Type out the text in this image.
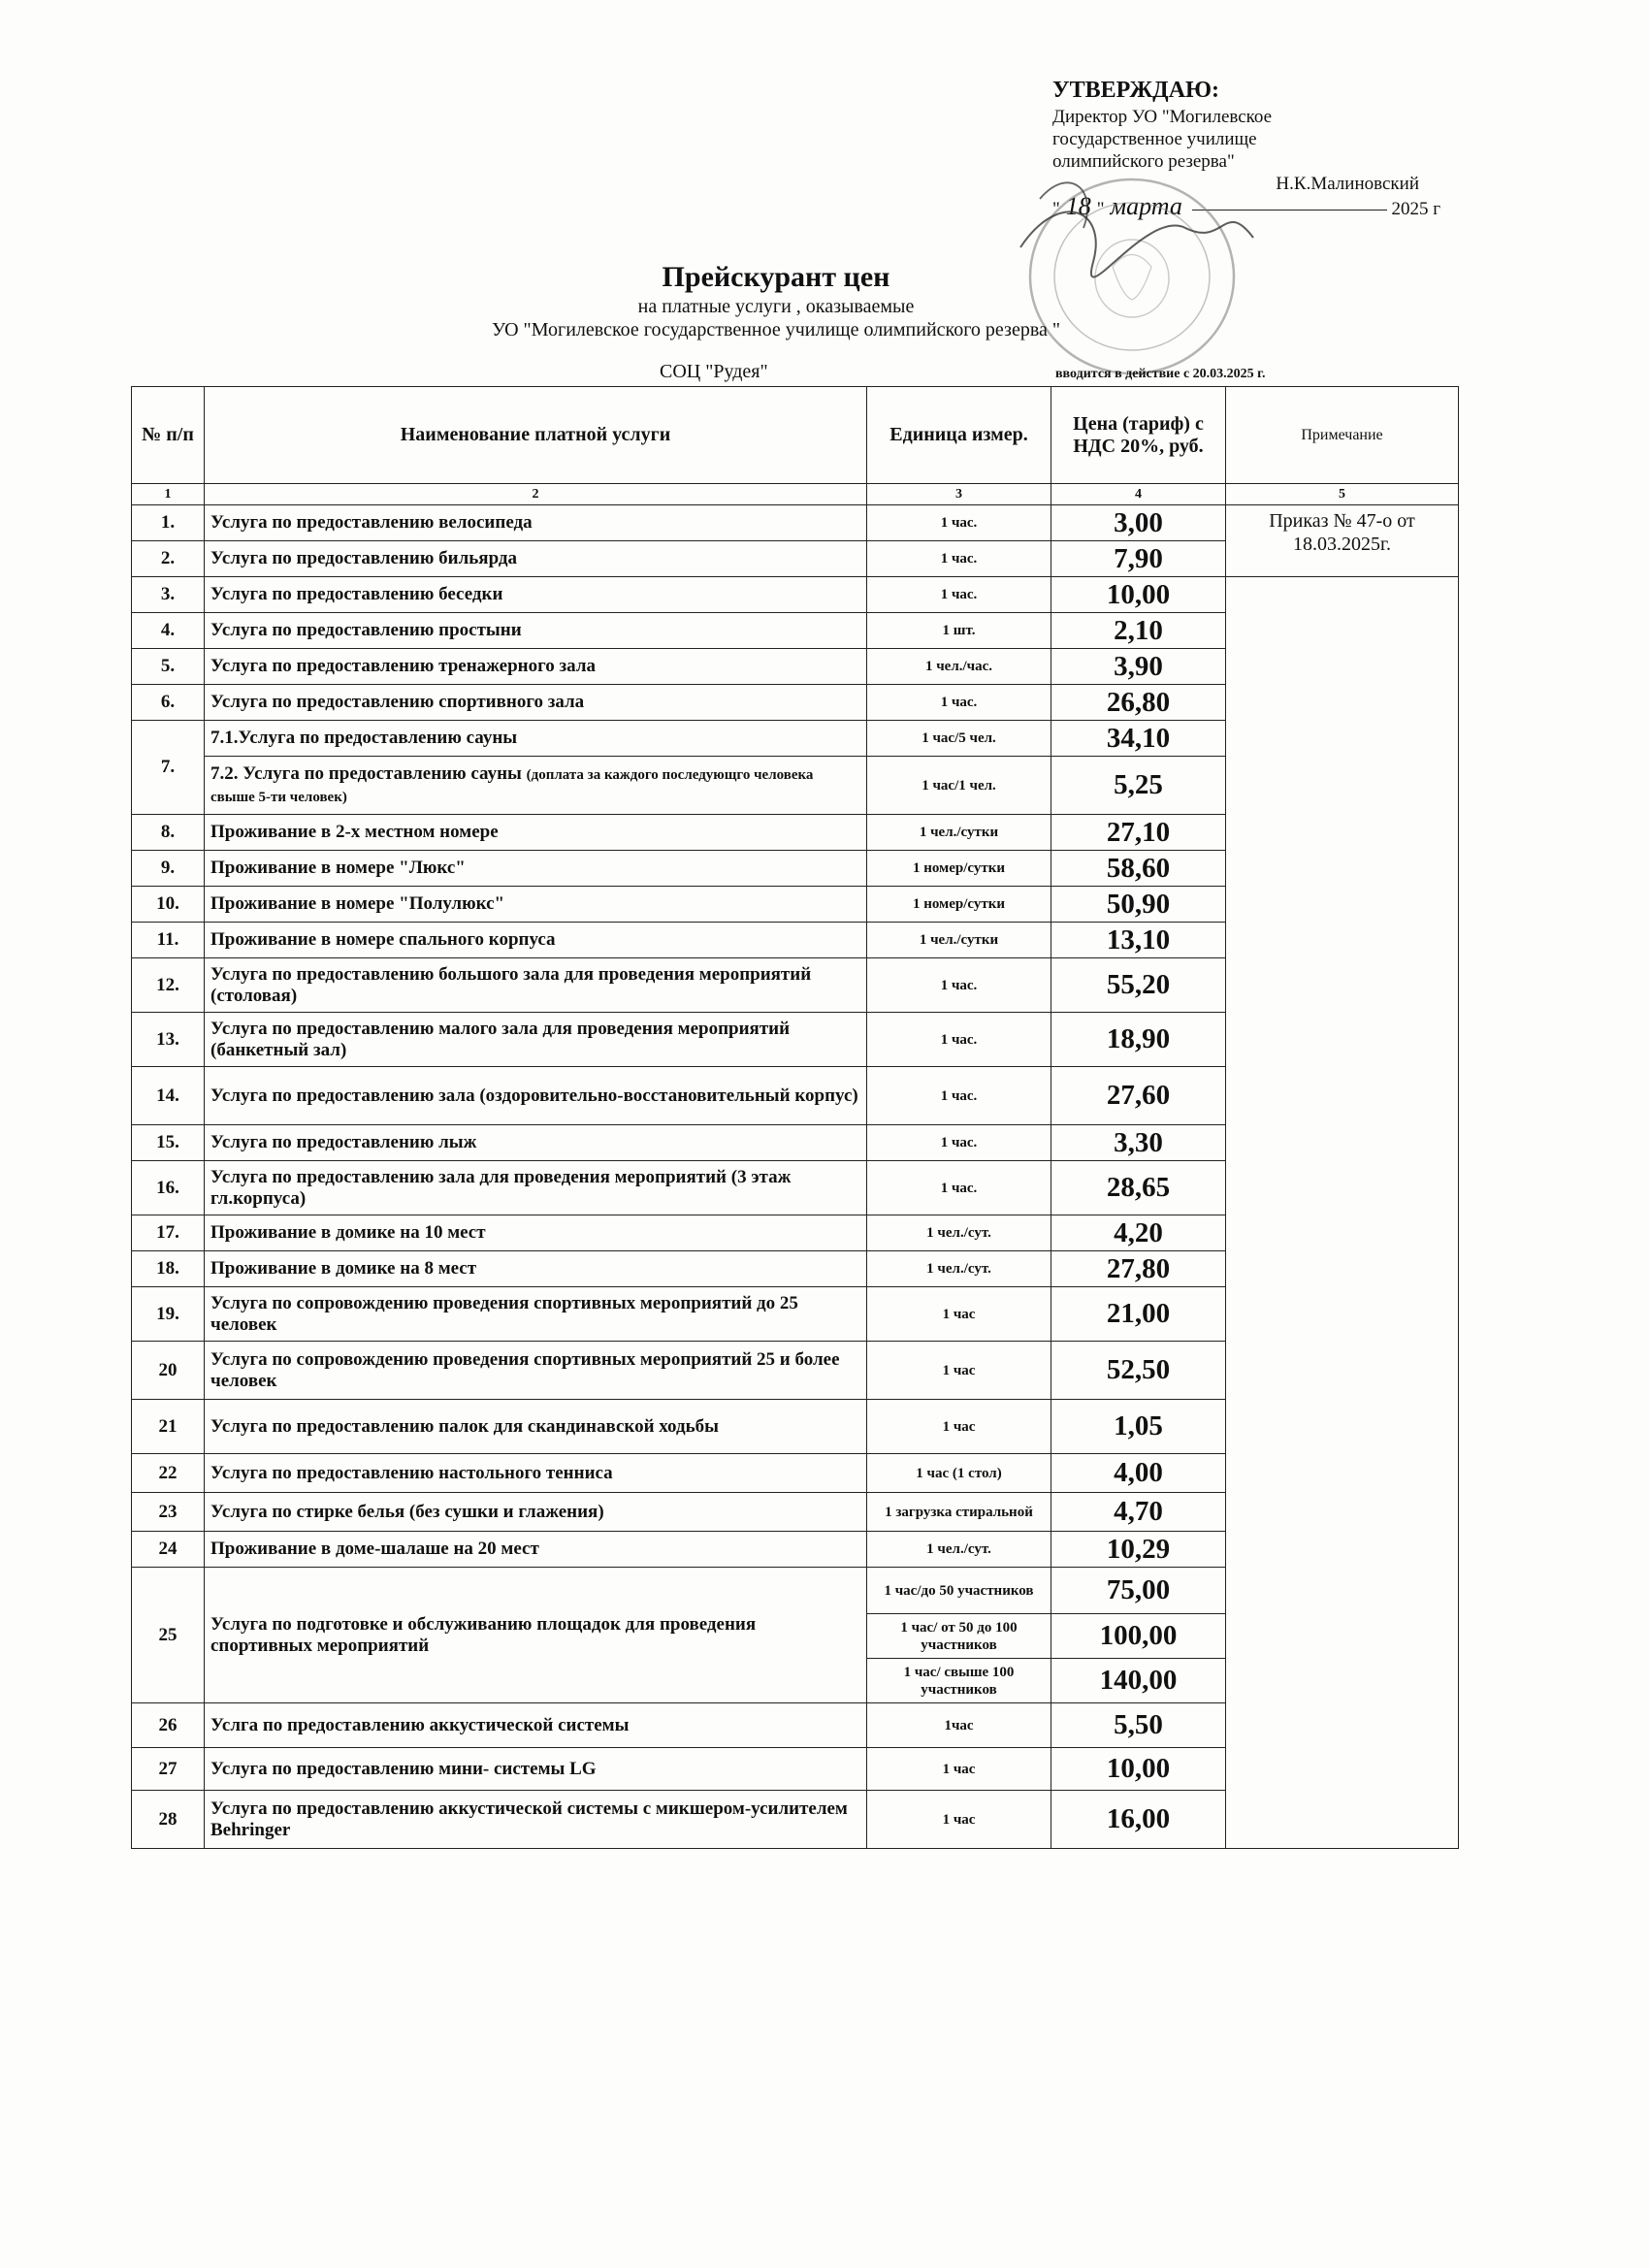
УТВЕРЖДАЮ:
Директор УО "Могилевское
государственное училище
олимпийского резерва"
Н.К.Малиновский
" 18 " марта	2025 г
Прейскурант цен
на платные услуги , оказываемые
УО "Могилевское государственное училище олимпийского резерва "
СОЦ "Рудея"	вводится в действие с 20.03.2025 г.
№ п/п	Наименование платной услуги	Единица измер.	Цена (тариф) с НДС 20%, руб.	Примечание
1	2	3	4	5
1.	Услуга по предоставлению велосипеда	1 час.	3,00	Приказ № 47-о от 18.03.2025г.
2.	Услуга по предоставлению бильярда	1 час.	7,90	
3.	Услуга по предоставлению беседки	1 час.	10,00	
4.	Услуга по предоставлению простыни	1 шт.	2,10	
5.	Услуга по предоставлению тренажерного зала	1 чел./час.	3,90	
6.	Услуга по предоставлению спортивного зала	1 час.	26,80	
7.	7.1.Услуга по предоставлению сауны	1 час/5 чел.	34,10	
	7.2. Услуга по предоставлению сауны (доплата за каждого последующго человека свыше 5-ти человек)	1 час/1 чел.	5,25	
8.	Проживание в 2-х местном номере	1 чел./сутки	27,10	
9.	Проживание в номере "Люкс"	1 номер/сутки	58,60	
10.	Проживание в номере "Полулюкс"	1 номер/сутки	50,90	
11.	Проживание в номере спального корпуса	1 чел./сутки	13,10	
12.	Услуга по предоставлению большого зала для проведения мероприятий (столовая)	1 час.	55,20	
13.	Услуга по предоставлению малого зала для проведения мероприятий (банкетный зал)	1 час.	18,90	
14.	Услуга по предоставлению зала (оздоровительно-восстановительный корпус)	1 час.	27,60	
15.	Услуга по предоставлению лыж	1 час.	3,30	
16.	Услуга по предоставлению зала для проведения мероприятий (3 этаж гл.корпуса)	1 час.	28,65	
17.	Проживание в домике на 10 мест	1 чел./сут.	4,20	
18.	Проживание в домике на 8 мест	1 чел./сут.	27,80	
19.	Услуга по сопровождению проведения спортивных мероприятий до 25 человек	1 час	21,00	
20	Услуга по сопровождению проведения спортивных мероприятий 25 и более человек	1 час	52,50	
21	Услуга по предоставлению палок для скандинавской ходьбы	1 час	1,05	
22	Услуга по предоставлению настольного тенниса	1 час (1 стол)	4,00	
23	Услуга по стирке белья (без сушки и глажения)	1 загрузка стиральной	4,70	
24	Проживание в доме-шалаше на 20 мест	1 чел./сут.	10,29	
25	Услуга по подготовке и обслуживанию площадок для проведения спортивных мероприятий	1 час/до 50 участников	75,00	
		1 час/ от 50 до 100 участников	100,00	
		1 час/ свыше 100 участников	140,00	
26	Услга по предоставлению аккустической системы	1час	5,50	
27	Услуга по предоставлению мини- системы LG	1 час	10,00	
28	Услуга по предоставлению аккустической системы с микшером-усилителем Behringer	1 час	16,00	
